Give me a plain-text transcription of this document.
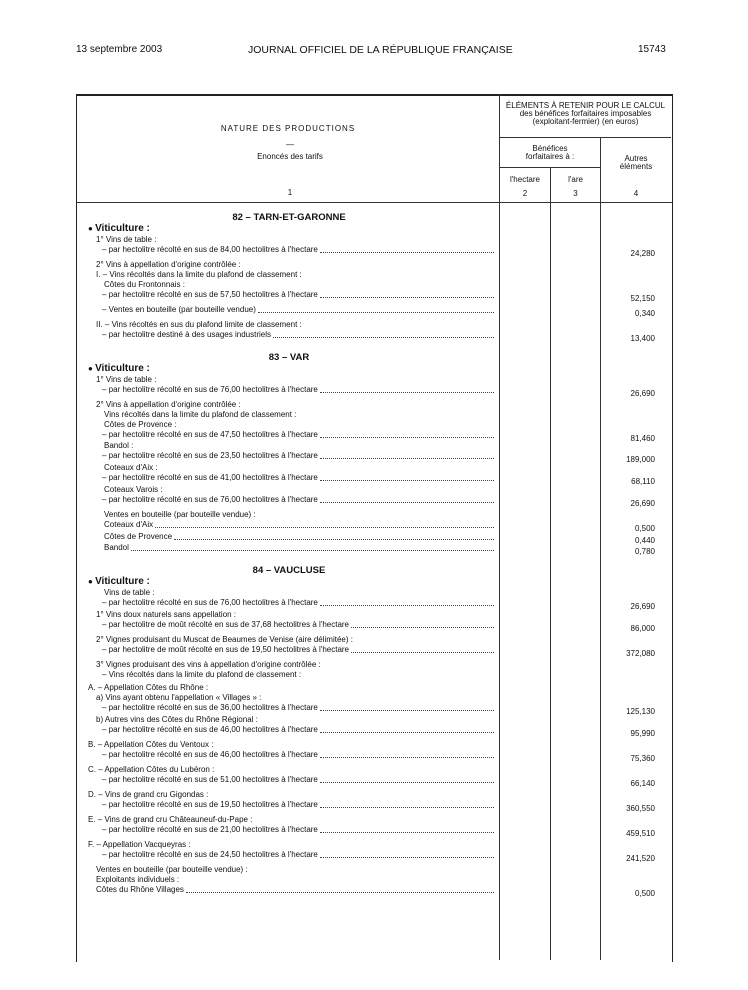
13 septembre 2003	JOURNAL OFFICIEL DE LA RÉPUBLIQUE FRANÇAISE	15743
NATURE DES PRODUCTIONS
—
Enoncés des tarifs
1
ÉLÉMENTS À RETENIR POUR LE CALCUL
des bénéfices forfaitaires imposables
(exploitant-fermier) (en euros)
Bénéfices
forfaitaires à :	Autres
éléments
l'hectare	l'are
2	3	4
82 – TARN-ET-GARONNE
● Viticulture :
1° Vins de table :
– par hectolitre récolté en sus de 84,00 hectolitres à l'hectare	24,280
2° Vins à appellation d'origine contrôlée :
I. – Vins récoltés dans la limite du plafond de classement :
Côtes du Frontonnais :
– par hectolitre récolté en sus de 57,50 hectolitres à l'hectare	52,150
– Ventes en bouteille (par bouteille vendue)	0,340
II. – Vins récoltés en sus du plafond limite de classement :
– par hectolitre destiné à des usages industriels	13,400
83 – VAR
● Viticulture :
1° Vins de table :
– par hectolitre récolté en sus de 76,00 hectolitres à l'hectare	26,690
2° Vins à appellation d'origine contrôlée :
Vins récoltés dans la limite du plafond de classement :
Côtes de Provence :
– par hectolitre récolté en sus de 47,50 hectolitres à l'hectare	81,460
Bandol :
– par hectolitre récolté en sus de 23,50 hectolitres à l'hectare	189,000
Coteaux d'Aix :
– par hectolitre récolté en sus de 41,00 hectolitres à l'hectare	68,110
Coteaux Varois :
– par hectolitre récolté en sus de 76,00 hectolitres à l'hectare	26,690
Ventes en bouteille (par bouteille vendue) :
Coteaux d'Aix	0,500
Côtes de Provence	0,440
Bandol	0,780
84 – VAUCLUSE
● Viticulture :
Vins de table :
– par hectolitre récolté en sus de 76,00 hectolitres à l'hectare	26,690
1° Vins doux naturels sans appellation :
– par hectolitre de moût récolté en sus de 37,68 hectolitres à l'hectare	86,000
2° Vignes produisant du Muscat de Beaumes de Venise (aire délimitée) :
– par hectolitre de moût récolté en sus de 19,50 hectolitres à l'hectare	372,080
3° Vignes produisant des vins à appellation d'origine contrôlée :
– Vins récoltés dans la limite du plafond de classement :
A. – Appellation Côtes du Rhône :
a) Vins ayant obtenu l'appellation « Villages » :
– par hectolitre récolté en sus de 36,00 hectolitres à l'hectare	125,130
b) Autres vins des Côtes du Rhône Régional :
– par hectolitre récolté en sus de 46,00 hectolitres à l'hectare	95,990
B. – Appellation Côtes du Ventoux :
– par hectolitre récolté en sus de 46,00 hectolitres à l'hectare	75,360
C. – Appellation Côtes du Lubéron :
– par hectolitre récolté en sus de 51,00 hectolitres à l'hectare	66,140
D. – Vins de grand cru Gigondas :
– par hectolitre récolté en sus de 19,50 hectolitres à l'hectare	360,550
E. – Vins de grand cru Châteauneuf-du-Pape :
– par hectolitre récolté en sus de 21,00 hectolitres à l'hectare	459,510
F. – Appellation Vacqueyras :
– par hectolitre récolté en sus de 24,50 hectolitres à l'hectare	241,520
Ventes en bouteille (par bouteille vendue) :
Exploitants individuels :
Côtes du Rhône Villages	0,500
